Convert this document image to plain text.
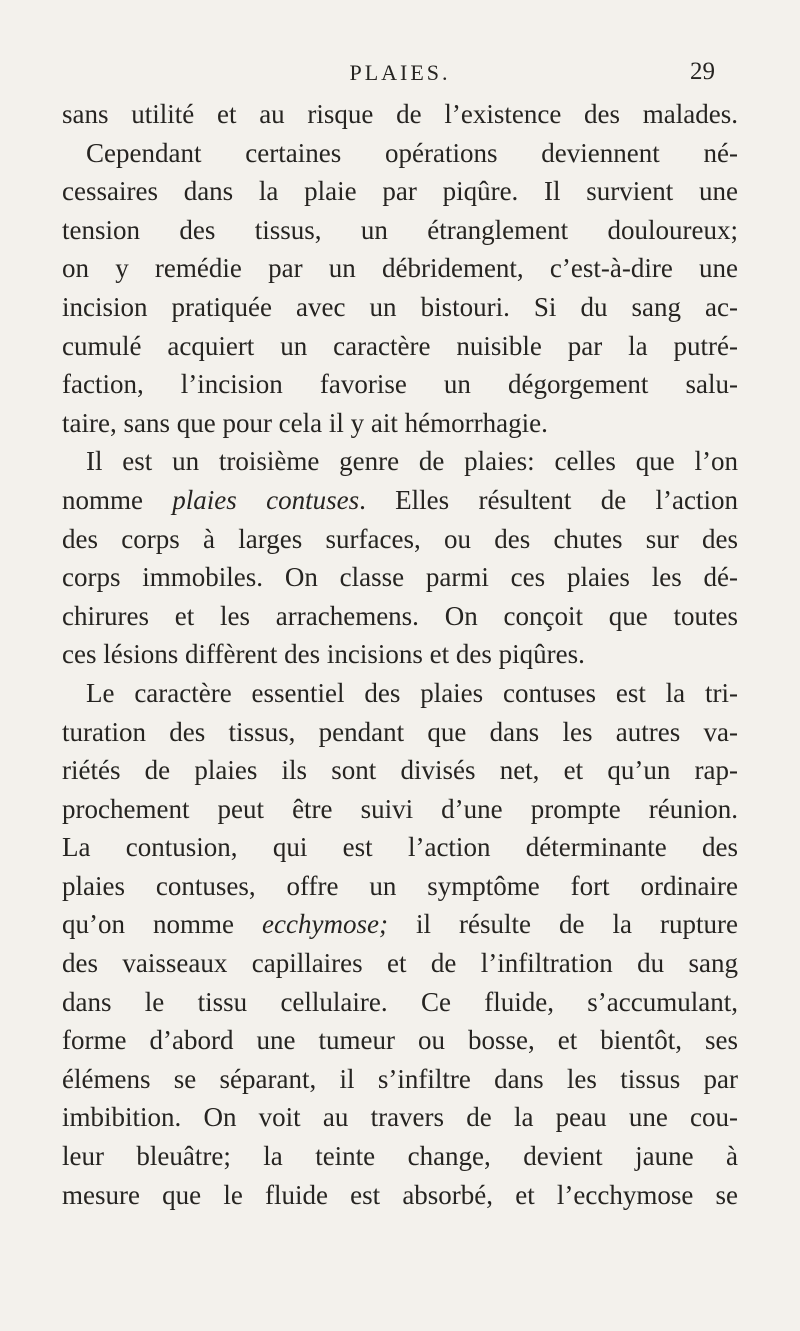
PLAIES.	29
sans utilité et au risque de l’existence des malades.
Cependant certaines opérations deviennent né-
cessaires dans la plaie par piqûre. Il survient une
tension des tissus, un étranglement douloureux;
on y remédie par un débridement, c’est-à-dire une
incision pratiquée avec un bistouri. Si du sang ac-
cumulé acquiert un caractère nuisible par la putré-
faction, l’incision favorise un dégorgement salu-
taire, sans que pour cela il y ait hémorrhagie.
Il est un troisième genre de plaies: celles que l’on
nomme plaies contuses. Elles résultent de l’action
des corps à larges surfaces, ou des chutes sur des
corps immobiles. On classe parmi ces plaies les dé-
chirures et les arrachemens. On conçoit que toutes
ces lésions diffèrent des incisions et des piqûres.
Le caractère essentiel des plaies contuses est la tri-
turation des tissus, pendant que dans les autres va-
riétés de plaies ils sont divisés net, et qu’un rap-
prochement peut être suivi d’une prompte réunion.
La contusion, qui est l’action déterminante des
plaies contuses, offre un symptôme fort ordinaire
qu’on nomme ecchymose; il résulte de la rupture
des vaisseaux capillaires et de l’infiltration du sang
dans le tissu cellulaire. Ce fluide, s’accumulant,
forme d’abord une tumeur ou bosse, et bientôt, ses
élémens se séparant, il s’infiltre dans les tissus par
imbibition. On voit au travers de la peau une cou-
leur bleuâtre; la teinte change, devient jaune à
mesure que le fluide est absorbé, et l’ecchymose se
